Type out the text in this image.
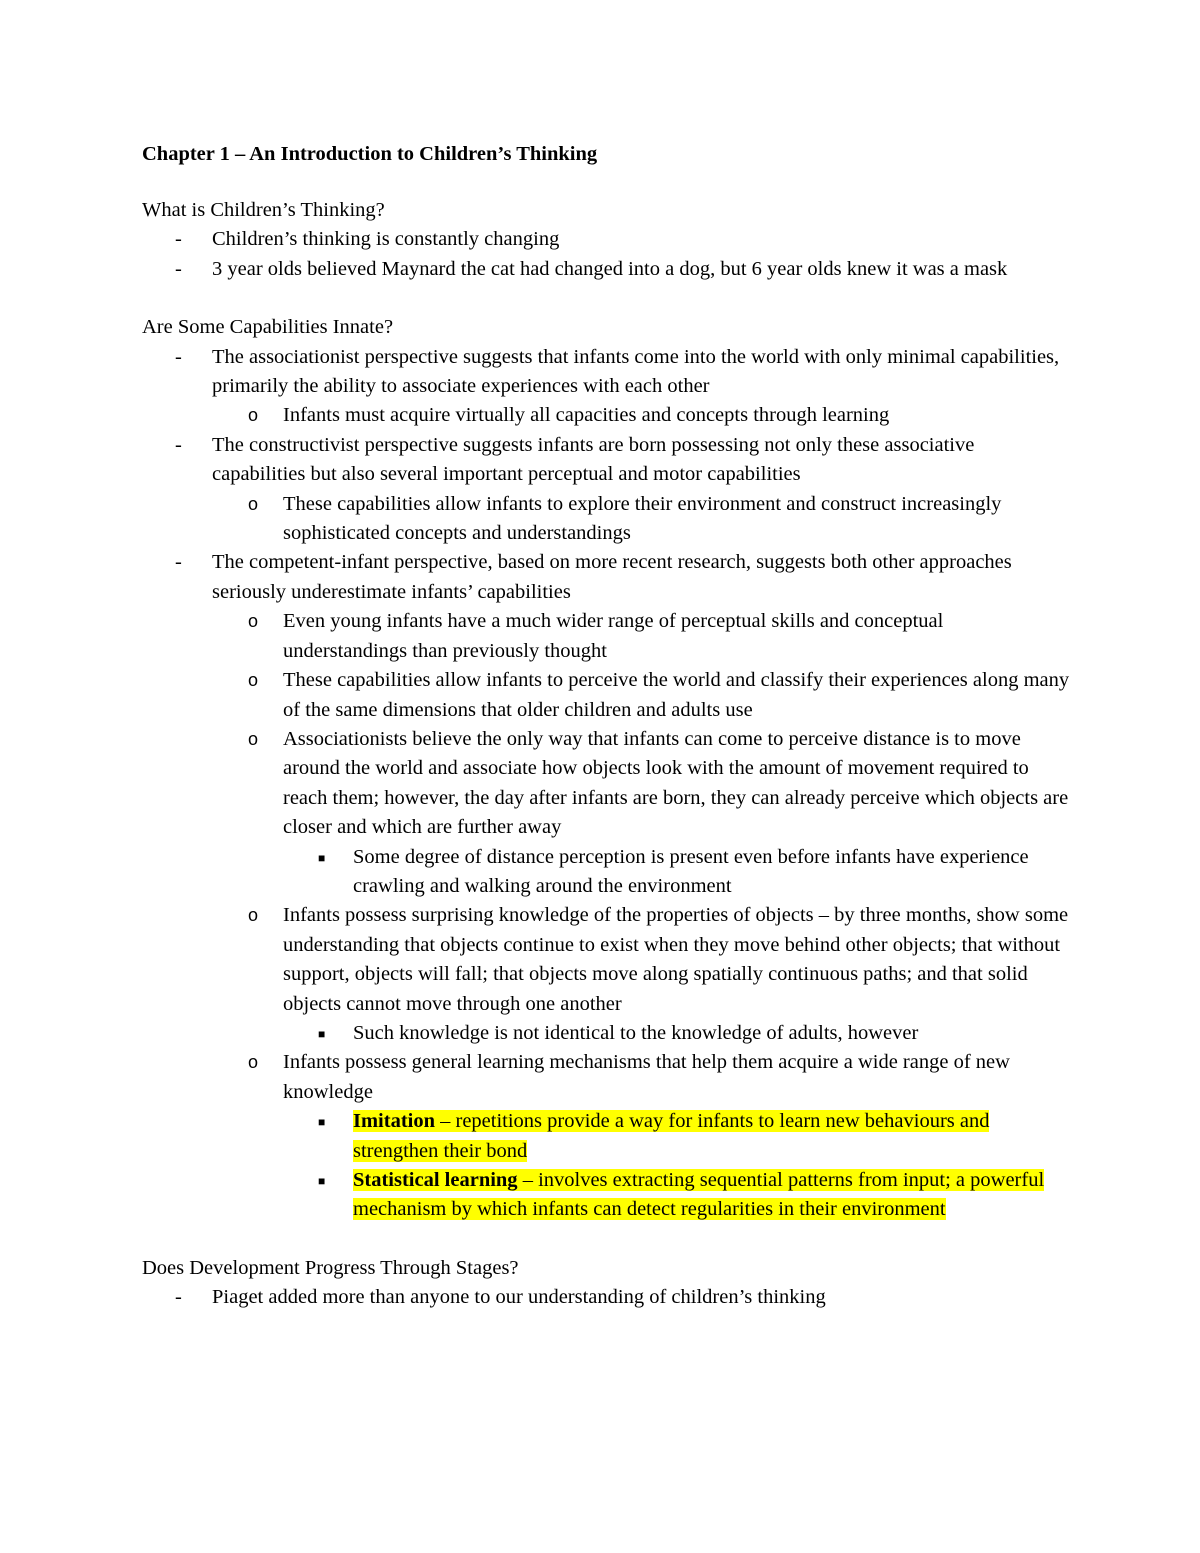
Chapter 1 – An Introduction to Children’s Thinking

What is Children’s Thinking?

- Children’s thinking is constantly changing
- 3 year olds believed Maynard the cat had changed into a dog, but 6 year olds knew it was a mask

Are Some Capabilities Innate?

- The associationist perspective suggests that infants come into the world with only minimal capabilities, primarily the ability to associate experiences with each other
o Infants must acquire virtually all capacities and concepts through learning
- The constructivist perspective suggests infants are born possessing not only these associative capabilities but also several important perceptual and motor capabilities
o These capabilities allow infants to explore their environment and construct increasingly sophisticated concepts and understandings
- The competent-infant perspective, based on more recent research, suggests both other approaches seriously underestimate infants’ capabilities
o Even young infants have a much wider range of perceptual skills and conceptual understandings than previously thought
o These capabilities allow infants to perceive the world and classify their experiences along many of the same dimensions that older children and adults use
o Associationists believe the only way that infants can come to perceive distance is to move around the world and associate how objects look with the amount of movement required to reach them; however, the day after infants are born, they can already perceive which objects are closer and which are further away
■ Some degree of distance perception is present even before infants have experience crawling and walking around the environment
o Infants possess surprising knowledge of the properties of objects – by three months, show some understanding that objects continue to exist when they move behind other objects; that without support, objects will fall; that objects move along spatially continuous paths; and that solid objects cannot move through one another
■ Such knowledge is not identical to the knowledge of adults, however
o Infants possess general learning mechanisms that help them acquire a wide range of new knowledge
■ Imitation – repetitions provide a way for infants to learn new behaviours and strengthen their bond
■ Statistical learning – involves extracting sequential patterns from input; a powerful mechanism by which infants can detect regularities in their environment

Does Development Progress Through Stages?

- Piaget added more than anyone to our understanding of children’s thinking
